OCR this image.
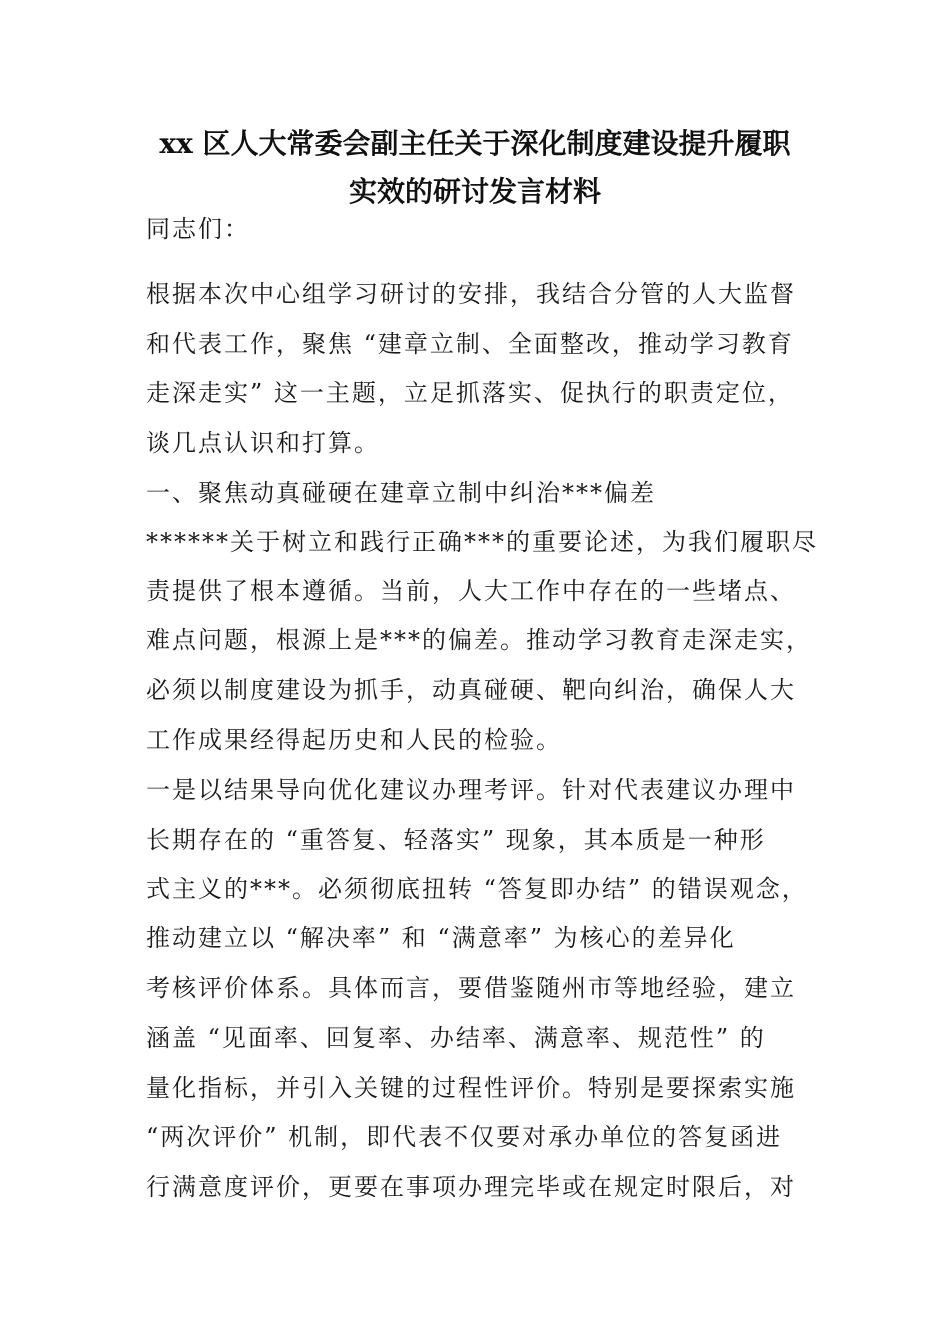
xx 区人大常委会副主任关于深化制度建设提升履职
实效的研讨发言材料
同志们：
根据本次中心组学习研讨的安排，我结合分管的人大监督
和代表工作，聚焦 “建章立制、全面整改，推动学习教育
走深走实” 这一主题，立足抓落实、促执行的职责定位，
谈几点认识和打算。
一、聚焦动真碰硬在建章立制中纠治***偏差
******关于树立和践行正确***的重要论述，为我们履职尽
责提供了根本遵循。当前，人大工作中存在的一些堵点、
难点问题，根源上是***的偏差。推动学习教育走深走实，
必须以制度建设为抓手，动真碰硬、靶向纠治，确保人大
工作成果经得起历史和人民的检验。
一是以结果导向优化建议办理考评。针对代表建议办理中
长期存在的 “重答复、轻落实” 现象，其本质是一种形
式主义的***。必须彻底扭转 “答复即办结” 的错误观念，
推动建立以 “解决率” 和 “满意率” 为核心的差异化
考核评价体系。具体而言，要借鉴随州市等地经验，建立
涵盖 “见面率、回复率、办结率、满意率、规范性” 的
量化指标，并引入关键的过程性评价。特别是要探索实施
“两次评价” 机制，即代表不仅要对承办单位的答复函进
行满意度评价，更要在事项办理完毕或在规定时限后，对
